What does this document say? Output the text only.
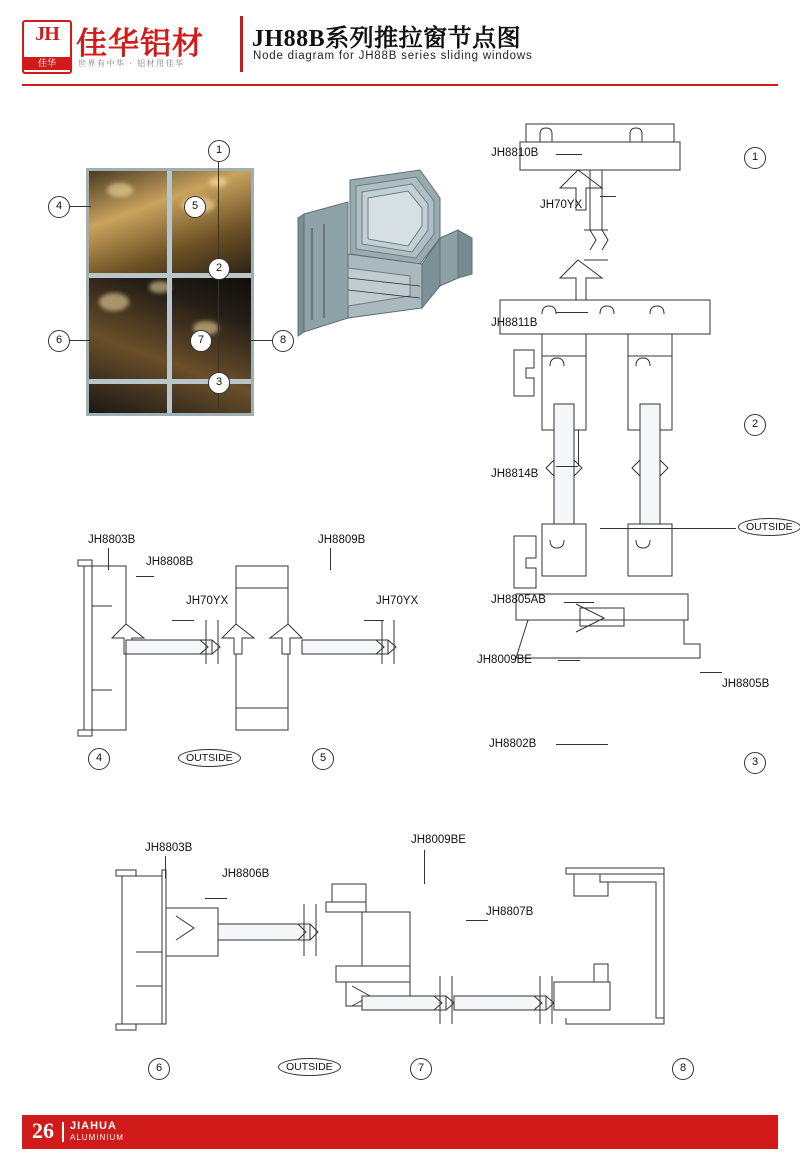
JH
佳华
佳华铝材
世界有中华 · 铝材用佳华
JH88B系列推拉窗节点图
Node diagram for JH88B series sliding windows
1
4	5
2
6	7	8
3
JH8810B
JH70YX
JH8811B
JH8814B
JH8805AB
JH8009BE
JH8805B
JH8802B
1
2
3
OUTSIDE
JH8803B
JH8808B
JH70YX
JH8809B
JH70YX
4	5
OUTSIDE
JH8803B
JH8806B
JH8009BE
JH8807B
6	7	8
OUTSIDE
26 JIAHUA
ALUMINIUM
